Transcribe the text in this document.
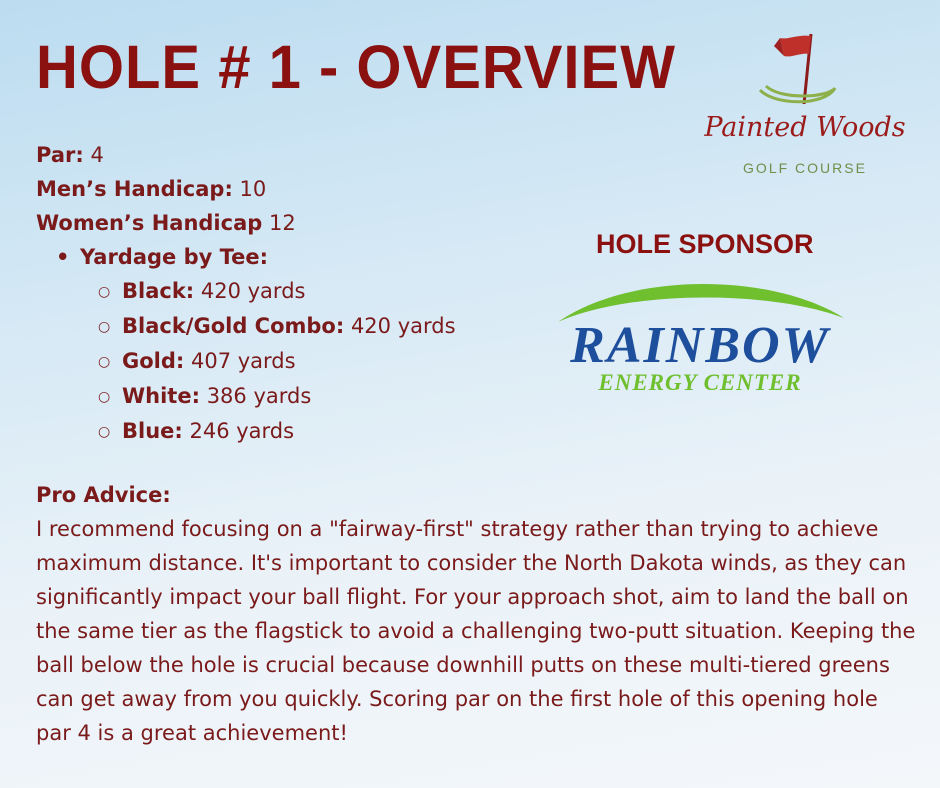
HOLE # 1 - OVERVIEW
Painted Woods
GOLF COURSE
Par: 4
Men’s Handicap: 10
Women’s Handicap 12
• Yardage by Tee:
○ Black: 420 yards
○ Black/Gold Combo: 420 yards
○ Gold: 407 yards
○ White: 386 yards
○ Blue: 246 yards
HOLE SPONSOR
RAINBOW
ENERGY CENTER
Pro Advice:

I recommend focusing on a "fairway-first" strategy rather than trying to achieve maximum distance. It's important to consider the North Dakota winds, as they can significantly impact your ball flight. For your approach shot, aim to land the ball on the same tier as the flagstick to avoid a challenging two-putt situation. Keeping the ball below the hole is crucial because downhill putts on these multi-tiered greens can get away from you quickly. Scoring par on the first hole of this opening hole par 4 is a great achievement!
